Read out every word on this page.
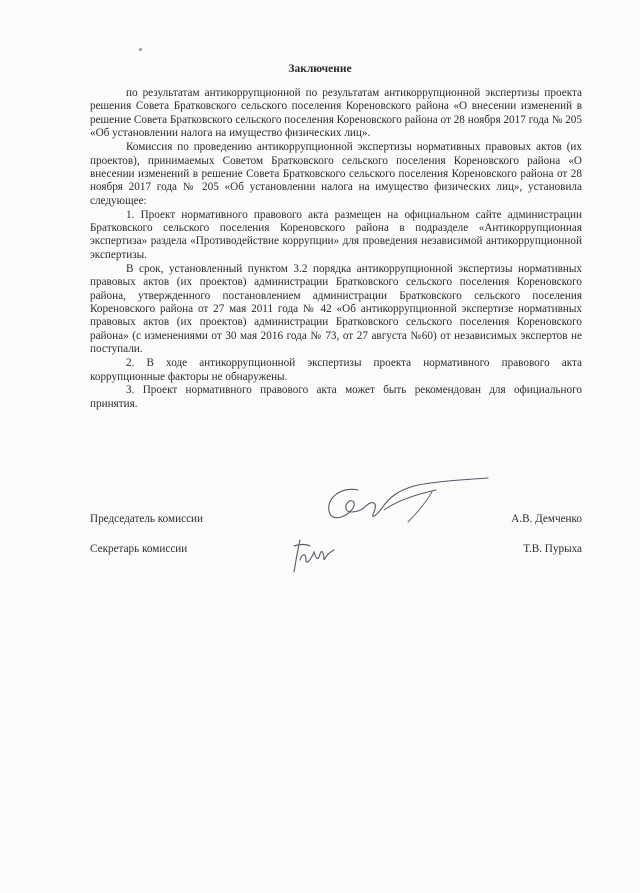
Заключение

по результатам антикоррупционной по результатам антикоррупционной экспертизы проекта решения Совета Братковского сельского поселения Кореновского района «О внесении изменений в решение Совета Братковского сельского поселения Кореновского района от 28 ноября 2017 года № 205 «Об установлении налога на имущество физических лиц».

Комиссия по проведению антикоррупционной экспертизы нормативных правовых актов (их проектов), принимаемых Советом Братковского сельского поселения Кореновского района «О внесении изменений в решение Совета Братковского сельского поселения Кореновского района от 28 ноября 2017 года № 205 «Об установлении налога на имущество физических лиц», установила следующее:

1. Проект нормативного правового акта размещен на официальном сайте администрации Братковского сельского поселения Кореновского района в подразделе «Антикоррупционная экспертиза» раздела «Противодействие коррупции» для проведения независимой антикоррупционной экспертизы.

В срок, установленный пунктом 3.2 порядка антикоррупционной экспертизы нормативных правовых актов (их проектов) администрации Братковского сельского поселения Кореновского района, утвержденного постановлением администрации Братковского сельского поселения Кореновского района от 27 мая 2011 года № 42 «Об антикоррупционной экспертизе нормативных правовых актов (их проектов) администрации Братковского сельского поселения Кореновского района» (с изменениями от 30 мая 2016 года № 73, от 27 августа №60) от независимых экспертов не поступали.

2. В ходе антикоррупционной экспертизы проекта нормативного правового акта коррупционные факторы не обнаружены.

3. Проект нормативного правового акта может быть рекомендован для официального принятия.

Председатель комиссии	А.В. Демченко
Секретарь комиссии	Т.В. Пурыха
